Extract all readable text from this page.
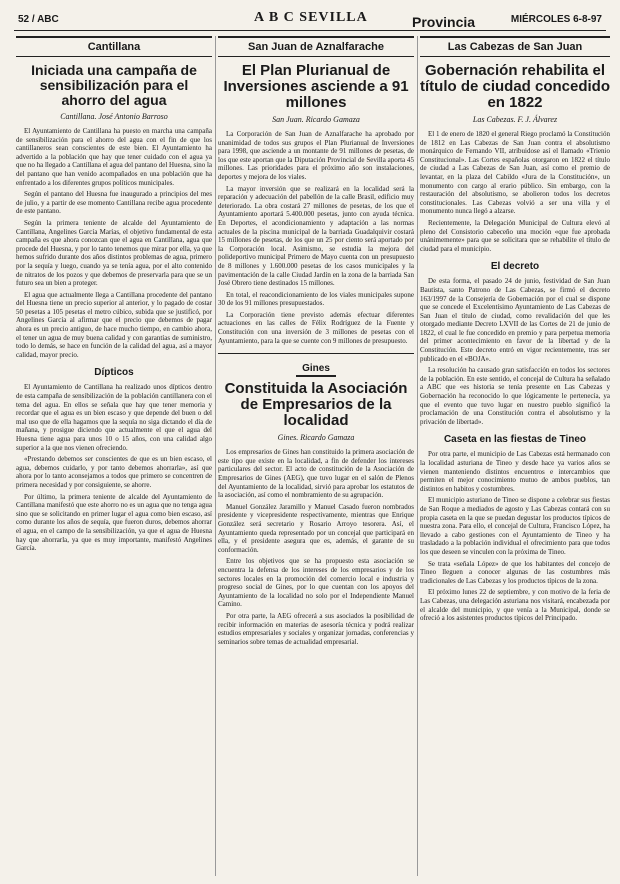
52 / ABC	A B C SEVILLA	Provincia	MIÉRCOLES 6-8-97
Cantillana
Iniciada una campaña de sensibilización para el ahorro del agua
Cantillana. José Antonio Barroso

El Ayuntamiento de Cantillana ha puesto en marcha una campaña de sensibilización para el ahorro del agua con el fin de que los cantillaneros sean conscientes de este bien. El Ayuntamiento ha advertido a la población que hay que tener cuidado con el agua ya que no ha llegado a Cantillana el agua del pantano del Huesna, sino la del pantano que han venido acompañados en una población que ha enfrentado a los diferentes grupos políticos municipales.

Según el pantano del Huesna fue inaugurado a principios del mes de julio, y a partir de ese momento Cantillana recibe agua procedente de este pantano.

Según la primera teniente de alcalde del Ayuntamiento de Cantillana, Angelines García Marías, el objetivo fundamental de esta campaña es que ahora conozcan que el agua en Cantillana, agua que procede del Huesna, y por lo tanto tenemos que mirar por ella, ya que hemos sufrido durante dos años distintos problemas de agua, primero por la sequía y luego, cuando ya se tenía agua, por el alto contenido de nitratos de los pozos y que debemos de preservarla para que se un futuro sea un bien a proteger.

El agua que actualmente llega a Cantillana procedente del pantano del Huesna tiene un precio superior al anterior, y lo pagado de costar 50 pesetas a 105 pesetas el metro cúbico, subida que se justificó, por Angelines García al afirmar que el precio que debemos de pagar ahora es un precio antiguo, de hace mucho tiempo, en cambio ahora, el tener un agua de muy buena calidad y con garantías de suministro, todo lo demás, se hace en función de la calidad del agua, así a mayor calidad, mayor precio.

Dípticos

El Ayuntamiento de Cantillana ha realizado unos dípticos dentro de esta campaña de sensibilización de la población cantillanera con el tema del agua. En ellos se señala que hay que tener memoria y recordar que el agua es un bien escaso y que depende del buen o del mal uso que de ella hagamos que la sequía no siga dictando el día de mañana, y prosigue diciendo que actualmente el que el agua del Huesna tiene agua para unos 10 o 15 años, con una calidad algo superior a la que nos vienen ofreciendo.

«Prestando debemos ser conscientes de que es un bien escaso, el agua, debemos cuidarlo, y por tanto debemos ahorrarla», así que ahora por lo tanto aconsejamos a todos que primero se concentren de primera necesidad y por consiguiente, se ahorre.

Por último, la primera teniente de alcalde del Ayuntamiento de Cantillana manifestó que este ahorro no es un agua que no tenga agua sino que se solicitando en primer lugar el agua como bien escaso, así como durante los años de sequía, que fueron duros, debemos ahorrar el agua, en el campo de la sensibilización, ya que el agua de Huesna hay que ahorrarla, ya que es muy importante, manifestó Angelines García.

San Juan de Aznalfarache
El Plan Plurianual de Inversiones asciende a 91 millones
San Juan. Ricardo Gamaza

La Corporación de San Juan de Aznalfarache ha aprobado por unanimidad de todos sus grupos el Plan Plurianual de Inversiones para 1998, que asciende a un montante de 91 millones de pesetas, de los que este aportan que la Diputación Provincial de Sevilla aporta 45 millones. Las prioridades para el próximo año son instalaciones, deportes y mejora de los viales.

La mayor inversión que se realizará en la localidad será la reparación y adecuación del pabellón de la calle Brasil, edificio muy deteriorado. La obra costará 27 millones de pesetas, de los que el Ayuntamiento aportará 5.400.000 pesetas, junto con ayuda técnica. En Deportes, el acondicionamiento y adaptación a las normas actuales de la piscina municipal de la barriada Guadalquivir costará 15 millones de pesetas, de los que un 25 por ciento será aportado por la Corporación local. Asimismo, se estudia la mejora del polideportivo municipal Primero de Mayo cuenta con un presupuesto de 8 millones y 1.600.000 pesetas de los casos municipales y la pavimentación de la calle Ciudad Jardín en la zona de la barriada San José Obrero tiene destinados 15 millones.

En total, el reacondicionamiento de los viales municipales supone 30 de los 91 millones presupuestados.

La Corporación tiene previsto además efectuar diferentes actuaciones en las calles de Félix Rodríguez de la Fuente y Constitución con una inversión de 3 millones de pesetas con el Ayuntamiento, para la que se cuente con 9 millones de presupuesto.

Gines
Constituida la Asociación de Empresarios de la localidad
Gines. Ricardo Gamaza

Los empresarios de Gines han constituido la primera asociación de este tipo que existe en la localidad, a fin de defender los intereses particulares del sector. El acto de constitución de la Asociación de Empresarios de Gines (AEG), que tuvo lugar en el salón de Plenos del Ayuntamiento de la localidad, sirvió para aprobar los estatutos de la asociación, así como el nombramiento de su agrupación.

Manuel González Jaramillo y Manuel Casado fueron nombrados presidente y vicepresidente respectivamente, mientras que Enrique González será secretario y Rosario Arroyo tesorera. Así, el Ayuntamiento queda representado por un concejal que participará en ella, y el presidente asegura que es, además, el garante de su conformación.

Entre los objetivos que se ha propuesto esta asociación se encuentra la defensa de los intereses de los empresarios y de los sectores locales en la promoción del comercio local e industria y progreso social de Gines, por lo que cuentan con los apoyos del Ayuntamiento de la localidad no solo por el Independiente Manuel Camino.

Por otra parte, la AEG ofrecerá a sus asociados la posibilidad de recibir información en materias de asesoría técnica y podrá realizar estudios empresariales y sociales y organizar jornadas, conferencias y seminarios sobre temas de actualidad empresarial.

Las Cabezas de San Juan
Gobernación rehabilita el título de ciudad concedido en 1822
Las Cabezas. F. J. Álvarez

El 1 de enero de 1820 el general Riego proclamó la Constitución de 1812 en Las Cabezas de San Juan contra el absolutismo monárquico de Fernando VII, atribuidose así el llamado «Trienio Constitucional». Las Cortes españolas otorgaron en 1822 el título de ciudad a Las Cabezas de San Juan, así como el premio de levantar, en la plaza del Cabildo «Jura de la Constitución», un monumento con cargo al erario público. Sin embargo, con la restauración del absolutismo, se abolieron todos los decretos constitucionales. Las Cabezas volvió a ser una villa y el monumento nunca llegó a alzarse.

Recientemente, la Delegación Municipal de Cultura elevó al pleno del Consistorio cabeceño una moción «que fue aprobada unánimemente» para que se solicitara que se rehabilite el título de ciudad para el municipio.

El decreto

De esta forma, el pasado 24 de junio, festividad de San Juan Bautista, santo Patrono de Las Cabezas, se firmó el decreto 163/1997 de la Consejería de Gobernación por el cual se dispone que se concede el Excelentísimo Ayuntamiento de Las Cabezas de San Juan el título de ciudad, como revalidación del que les otorgado mediante Decreto LXVII de las Cortes de 21 de junio de 1822, el cual le fue concedido en premio y para perpetua memoria del primer acontecimiento en favor de la libertad y de la Constitución. Este decreto entró en vigor recientemente, tras ser publicado en el «BOJA».

La resolución ha causado gran satisfacción en todos los sectores de la población. En este sentido, el concejal de Cultura ha señalado a ABC que «es historia se tenía presente en Las Cabezas y Gobernación ha reconocido lo que lógicamente le pertenecía, ya que el evento que tuvo lugar en nuestro pueblo significó la proclamación de una Constitución contra el absolutismo y la privación de libertad».

Caseta en las fiestas de Tineo

Por otra parte, el municipio de Las Cabezas está hermanado con la localidad asturiana de Tineo y desde hace ya varios años se vienen manteniendo distintos encuentros e intercambios que permiten el mejor conocimiento mutuo de ambos pueblos, tan distintos en habitos y costumbres.

El municipio asturiano de Tineo se dispone a celebrar sus fiestas de San Roque a mediados de agosto y Las Cabezas contará con su propia caseta en la que se puedan degustar los productos típicos de nuestra zona. Para ello, el concejal de Cultura, Francisco López, ha llevado a cabo gestiones con el Ayuntamiento de Tineo y ha trasladado a la población individual el ofrecimiento para que todos los que deseen se vinculen con la próxima de Tineo.

Se trata «señala López» de que los habitantes del concejo de Tineo lleguen a conocer algunas de las costumbres más tradicionales de Las Cabezas y los productos típicos de la zona.

El próximo lunes 22 de septiembre, y con motivo de la feria de Las Cabezas, una delegación asturiana nos visitará, encabezada por el alcalde del municipio, y que venía a la Municipal, donde se ofreció a los asistentes productos típicos del Principado.
